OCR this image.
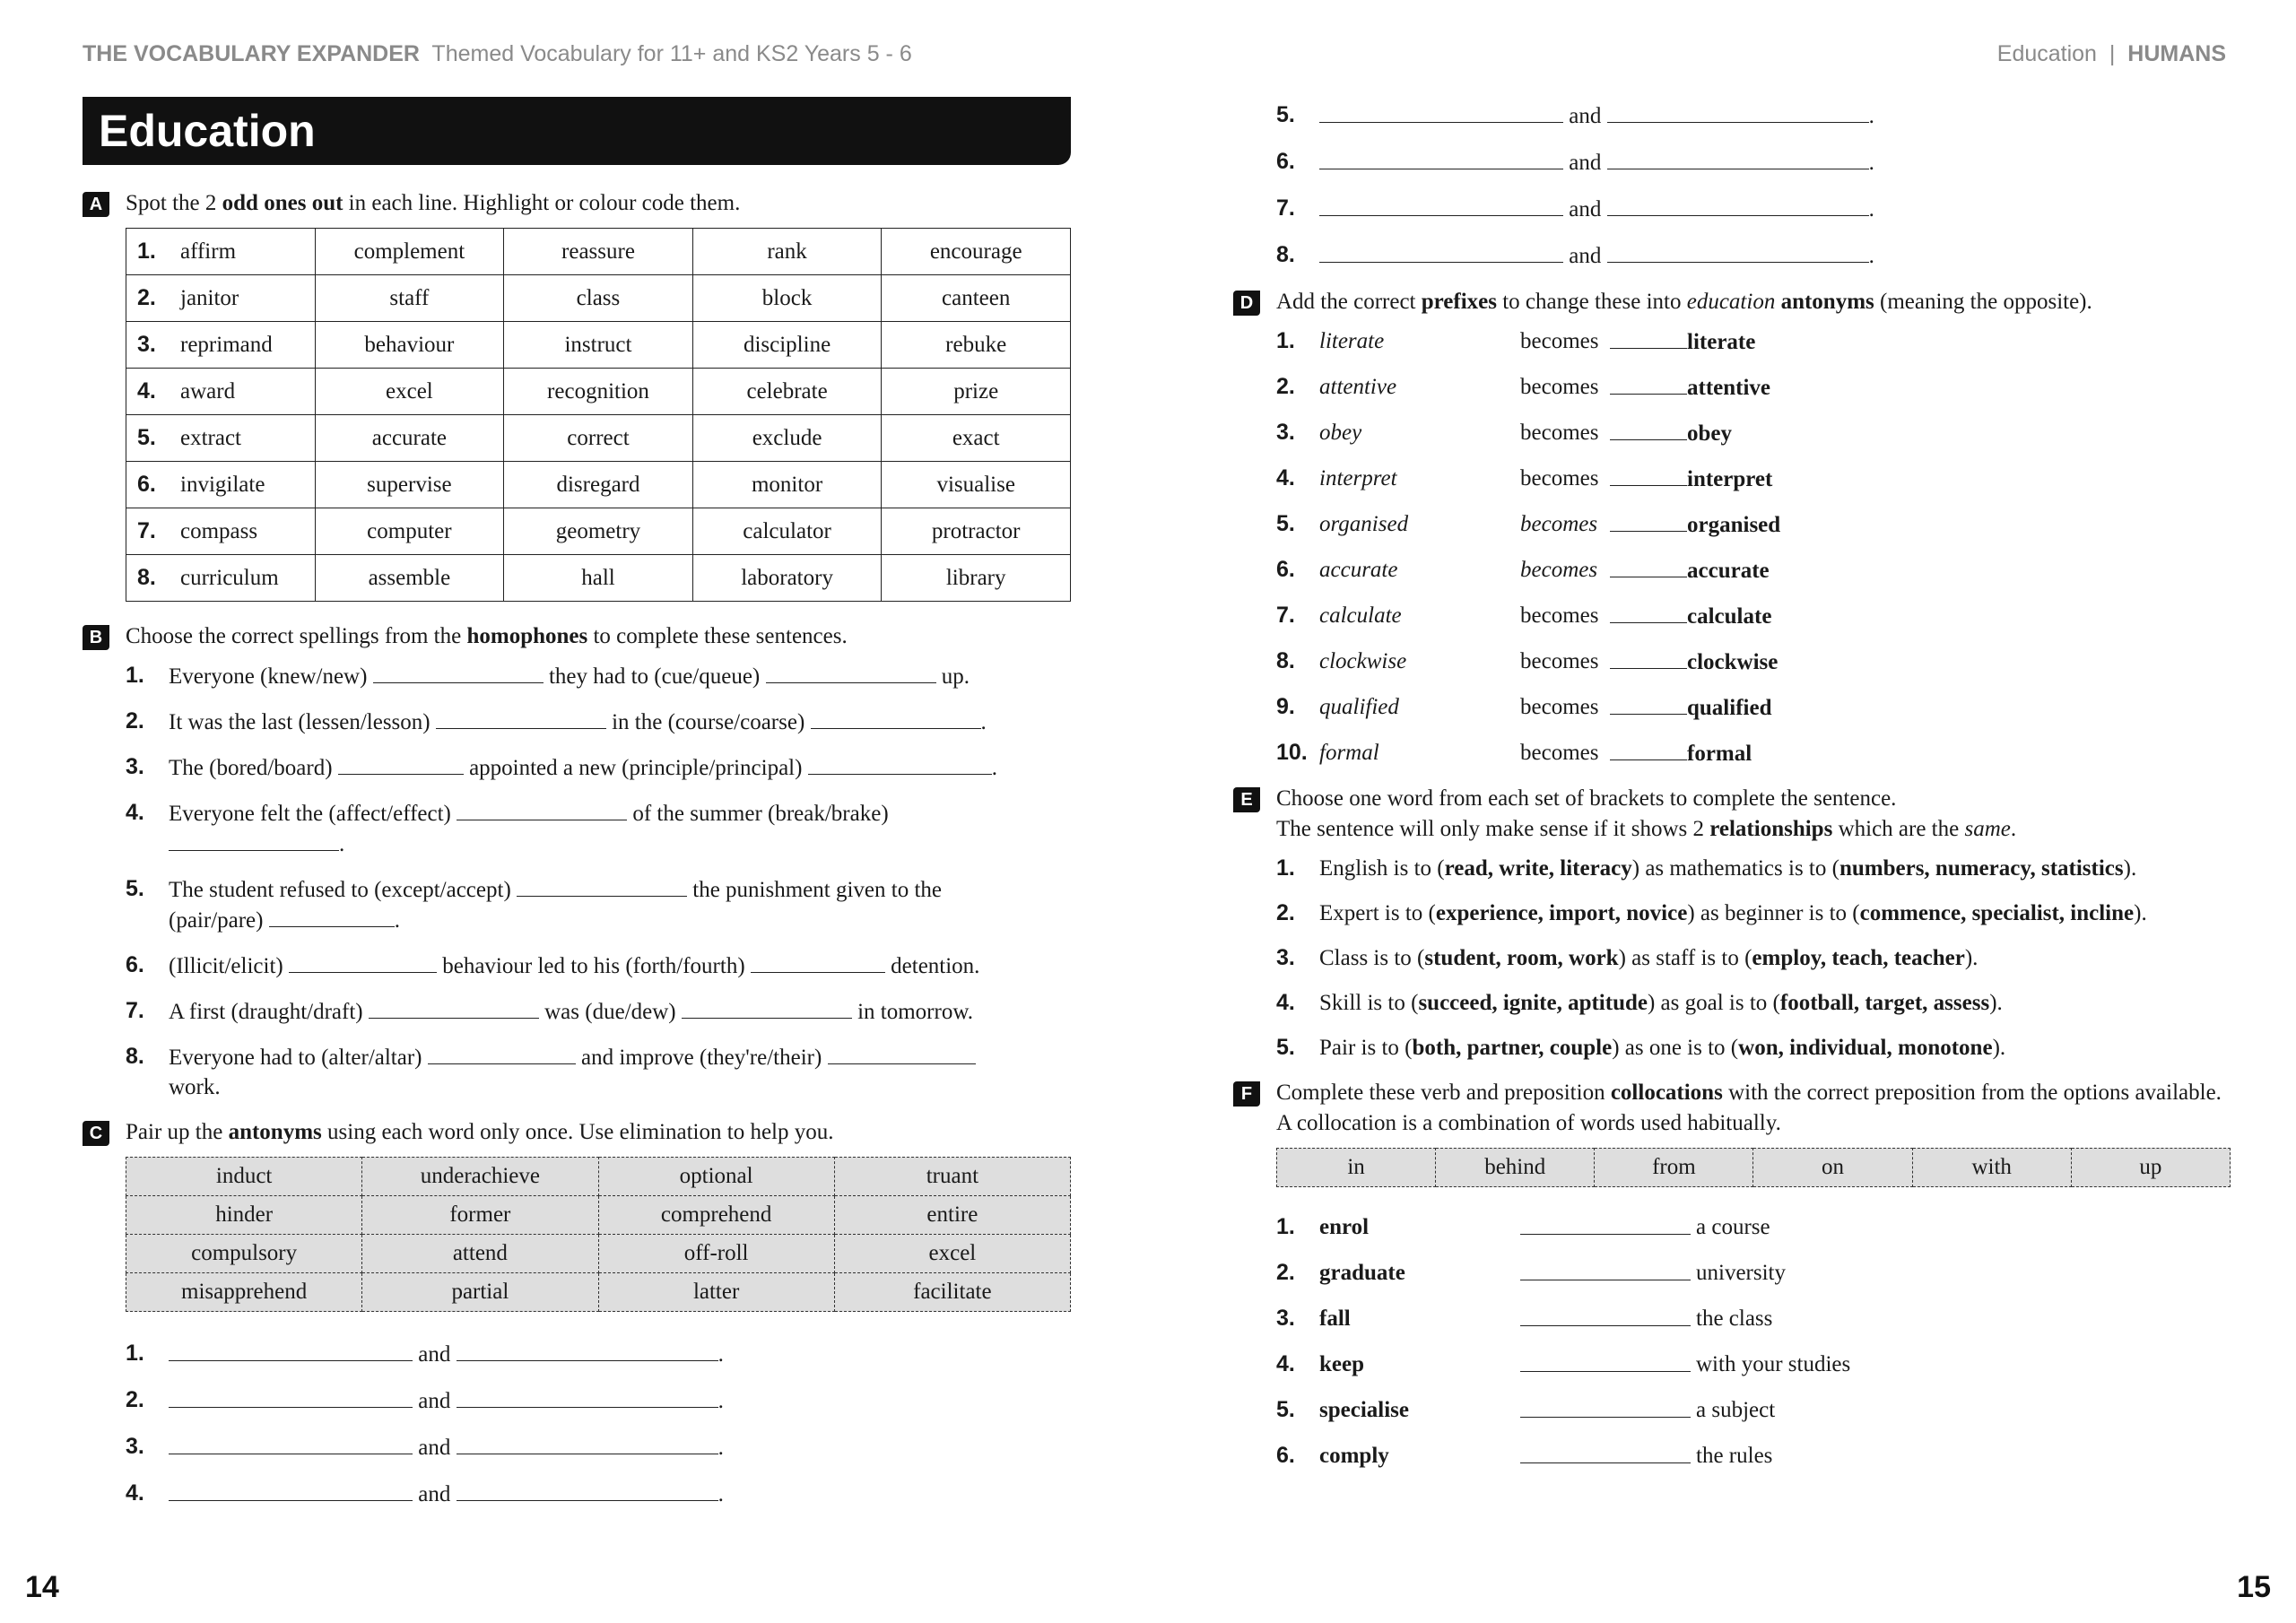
THE VOCABULARY EXPANDER Themed Vocabulary for 11+ and KS2 Years 5 - 6	Education | HUMANS
Education
A	Spot the 2 odd ones out in each line. Highlight or colour code them.
1. affirm	complement	reassure	rank	encourage
2. janitor	staff	class	block	canteen
3. reprimand	behaviour	instruct	discipline	rebuke
4. award	excel	recognition	celebrate	prize
5. extract	accurate	correct	exclude	exact
6. invigilate	supervise	disregard	monitor	visualise
7. compass	computer	geometry	calculator	protractor
8. curriculum	assemble	hall	laboratory	library
B	Choose the correct spellings from the homophones to complete these sentences.
1. Everyone (knew/new)	they had to (cue/queue)	up.
2. It was the last (lessen/lesson)	in the (course/coarse)	.
3. The (bored/board)	appointed a new (principle/principal)	.
4. Everyone felt the (affect/effect)	of the summer (break/brake)
.
5. The student refused to (except/accept)	the punishment given to the
(pair/pare)	.
6. (Illicit/elicit)	behaviour led to his (forth/fourth)	detention.
7. A first (draught/draft)	was (due/dew)	in tomorrow.
8. Everyone had to (alter/altar)	and improve (they're/their)
work.
C	Pair up the antonyms using each word only once. Use elimination to help you.
induct	underachieve	optional	truant
hinder	former	comprehend	entire
compulsory	attend	off-roll	excel
misapprehend	partial	latter	facilitate
1.	and	.
2.	and	.
3.	and	.
4.	and	.
5.	and	.
6.	and	.
7.	and	.
8.	and	.
D	Add the correct prefixes to change these into education antonyms (meaning the opposite).
1. literate	becomes	literate
2. attentive	becomes	attentive
3. obey	becomes	obey
4. interpret	becomes	interpret
5. organised	becomes	organised
6. accurate	becomes	accurate
7. calculate	becomes	calculate
8. clockwise	becomes	clockwise
9. qualified	becomes	qualified
10. formal	becomes	formal
E	Choose one word from each set of brackets to complete the sentence.
The sentence will only make sense if it shows 2 relationships which are the same.
1. English is to (read, write, literacy) as mathematics is to (numbers, numeracy, statistics).
2. Expert is to (experience, import, novice) as beginner is to (commence, specialist, incline).
3. Class is to (student, room, work) as staff is to (employ, teach, teacher).
4. Skill is to (succeed, ignite, aptitude) as goal is to (football, target, assess).
5. Pair is to (both, partner, couple) as one is to (won, individual, monotone).
F	Complete these verb and preposition collocations with the correct preposition from the options available. A collocation is a combination of words used habitually.
in	behind	from	on	with	up
1. enrol	a course
2. graduate	university
3. fall	the class
4. keep	with your studies
5. specialise	a subject
6. comply	the rules
14	15
